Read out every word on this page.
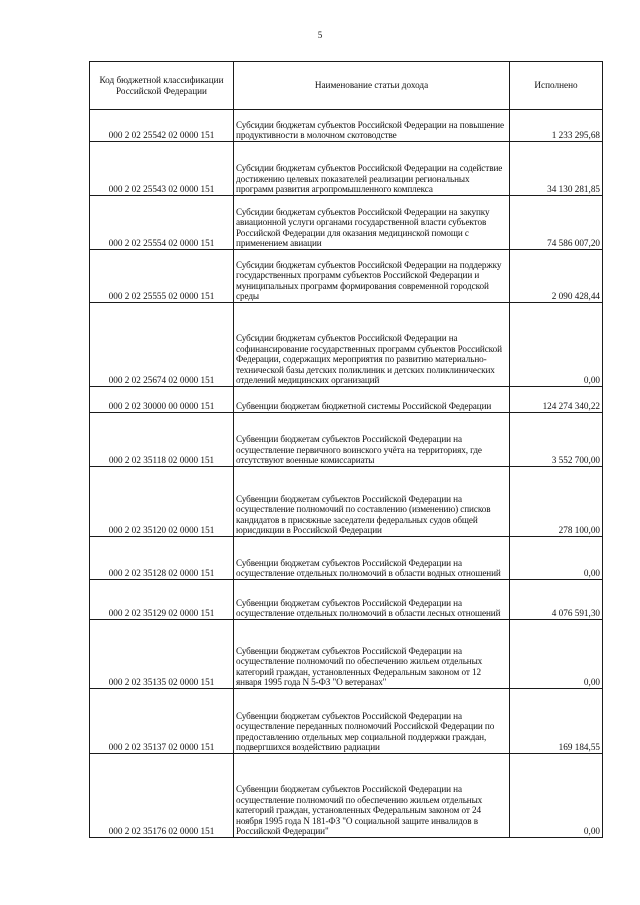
5
Код бюджетной классификации Российской Федерации	Наименование статьи дохода	Исполнено
000 2 02 25542 02 0000 151	Субсидии бюджетам субъектов Российской Федерации на повышение продуктивности в молочном скотоводстве	1 233 295,68
000 2 02 25543 02 0000 151	Субсидии бюджетам субъектов Российской Федерации на содействие достижению целевых показателей реализации региональных программ развития агропромышленного комплекса	34 130 281,85
000 2 02 25554 02 0000 151	Субсидии бюджетам субъектов Российской Федерации на закупку авиационной услуги органами государственной власти субъектов Российской Федерации для оказания медицинской помощи с применением авиации	74 586 007,20
000 2 02 25555 02 0000 151	Субсидии бюджетам субъектов Российской Федерации на поддержку государственных программ субъектов Российской Федерации и муниципальных программ формирования современной городской среды	2 090 428,44
000 2 02 25674 02 0000 151	Субсидии бюджетам субъектов Российской Федерации на софинансирование государственных программ субъектов Российской Федерации, содержащих мероприятия по развитию материально-технической базы детских поликлиник и детских поликлинических отделений медицинских организаций	0,00
000 2 02 30000 00 0000 151	Субвенции бюджетам бюджетной системы Российской Федерации	124 274 340,22
000 2 02 35118 02 0000 151	Субвенции бюджетам субъектов Российской Федерации на осуществление первичного воинского учёта на территориях, где отсутствуют военные комиссариаты	3 552 700,00
000 2 02 35120 02 0000 151	Субвенции бюджетам субъектов Российской Федерации на осуществление полномочий по составлению (изменению) списков кандидатов в присяжные заседатели федеральных судов общей юрисдикции в Российской Федерации	278 100,00
000 2 02 35128 02 0000 151	Субвенции бюджетам субъектов Российской Федерации на осуществление отдельных полномочий в области водных отношений	0,00
000 2 02 35129 02 0000 151	Субвенции бюджетам субъектов Российской Федерации на осуществление отдельных полномочий в области лесных отношений	4 076 591,30
000 2 02 35135 02 0000 151	Субвенции бюджетам субъектов Российской Федерации на осуществление полномочий по обеспечению жильем отдельных категорий граждан, установленных Федеральным законом от 12 января 1995 года N 5-ФЗ "О ветеранах"	0,00
000 2 02 35137 02 0000 151	Субвенции бюджетам субъектов Российской Федерации на осуществление переданных полномочий Российской Федерации по предоставлению отдельных мер социальной поддержки граждан, подвергшихся воздействию радиации	169 184,55
000 2 02 35176 02 0000 151	Субвенции бюджетам субъектов Российской Федерации на осуществление полномочий по обеспечению жильем отдельных категорий граждан, установленных Федеральным законом от 24 ноября 1995 года N 181-ФЗ "О социальной защите инвалидов в Российской Федерации"	0,00
